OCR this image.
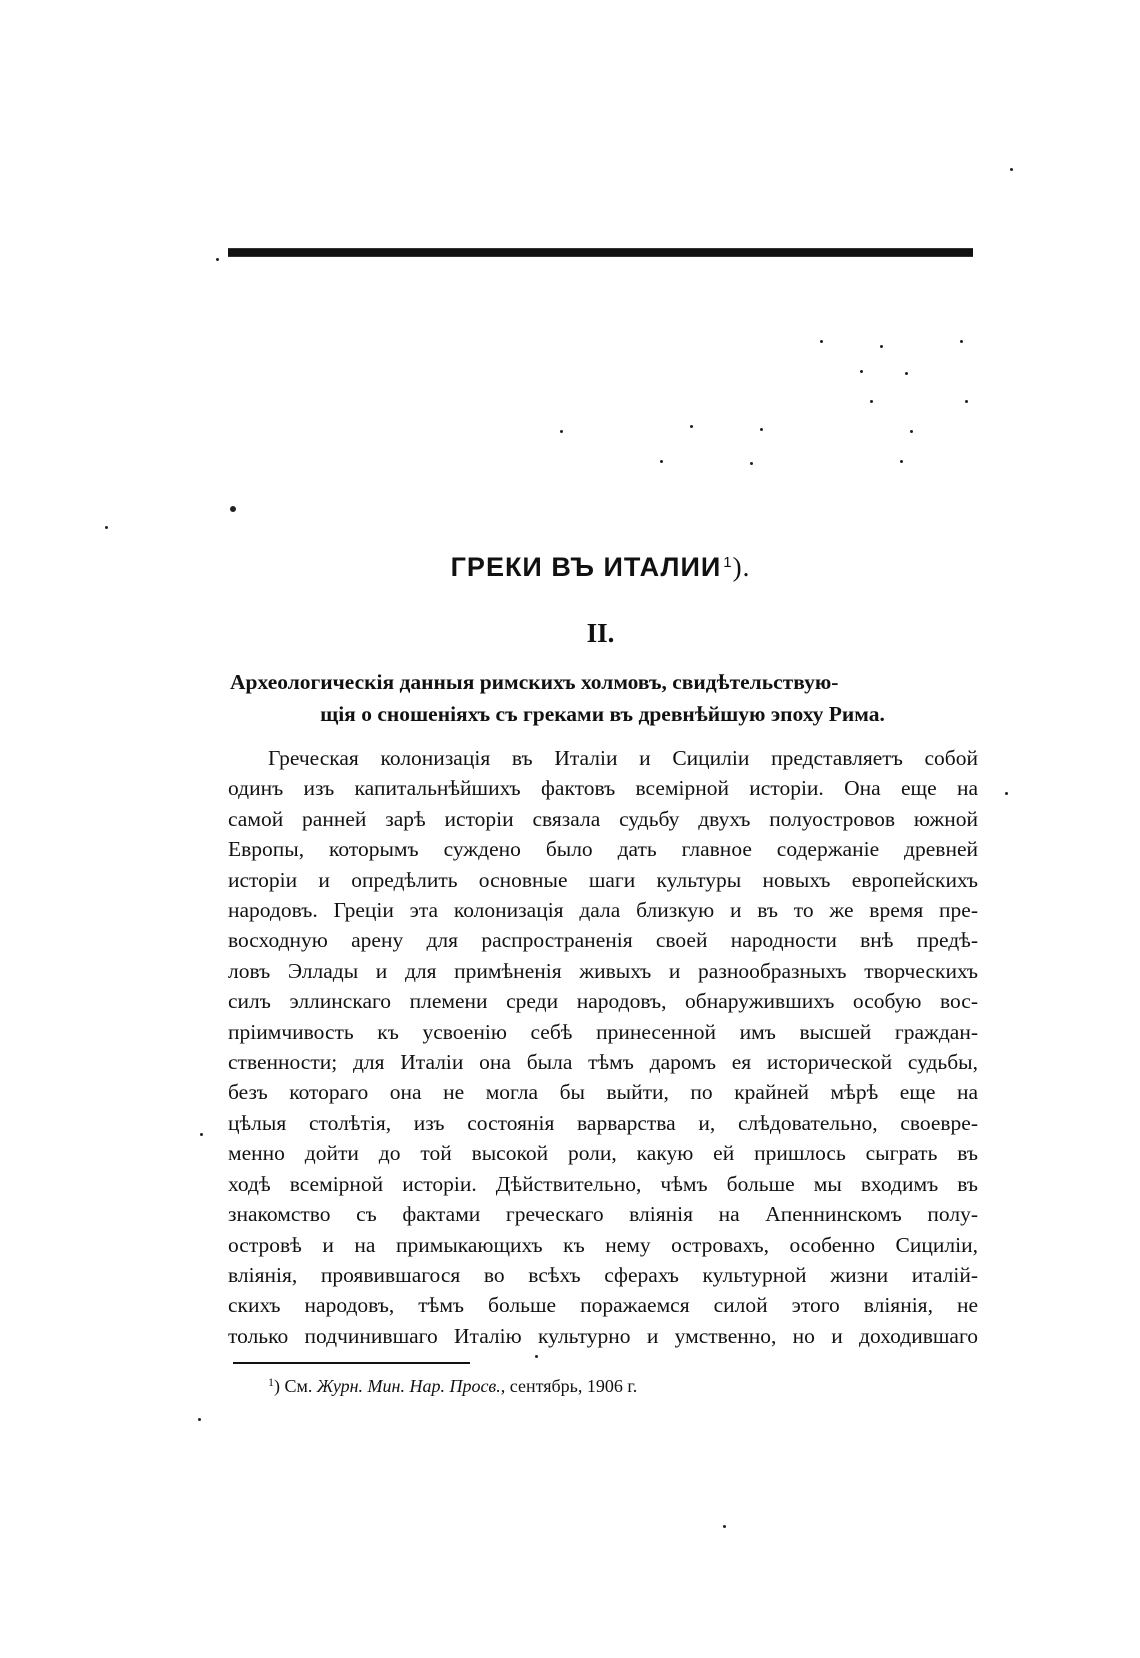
ГРЕКИ ВЪ ИТАЛИИ $^1$).
II.
Археологическія данныя римскихъ холмовъ, свидѣтельствую-
щія о сношеніяхъ съ греками въ древнѣйшую эпоху Рима.
Греческая колонизація въ Италіи и Сициліи представляетъ собой
одинъ изъ капитальнѣйшихъ фактовъ всемірной исторіи. Она еще на
самой ранней зарѣ исторіи связала судьбу двухъ полуостровов южной
Европы, которымъ суждено было дать главное содержаніе древней
исторіи и опредѣлить основные шаги культуры новыхъ европейскихъ
народовъ. Греціи эта колонизація дала близкую и въ то же время пре-
восходную арену для распространенія своей народности внѣ предѣ-
ловъ Эллады и для примѣненія живыхъ и разнообразныхъ творческихъ
силъ эллинскаго племени среди народовъ, обнаружившихъ особую вос-
пріимчивость къ усвоенію себѣ принесенной имъ высшей граждан-
ственности; для Италіи она была тѣмъ даромъ ея исторической судьбы,
безъ котораго она не могла бы выйти, по крайней мѣрѣ еще на
цѣлыя столѣтія, изъ состоянія варварства и, слѣдовательно, своевре-
менно дойти до той высокой роли, какую ей пришлось сыграть въ
ходѣ всемірной исторіи. Дѣйствительно, чѣмъ больше мы входимъ въ
знакомство съ фактами греческаго вліянія на Апеннинскомъ полу-
островѣ и на примыкающихъ къ нему островахъ, особенно Сициліи,
вліянія, проявившагося во всѣхъ сферахъ культурной жизни италій-
скихъ народовъ, тѣмъ больше поражаемся силой этого вліянія, не
только подчинившаго Италію культурно и умственно, но и доходившаго
$^1$) См. Журн. Мин. Нар. Просв., сентябрь, 1906 г.
